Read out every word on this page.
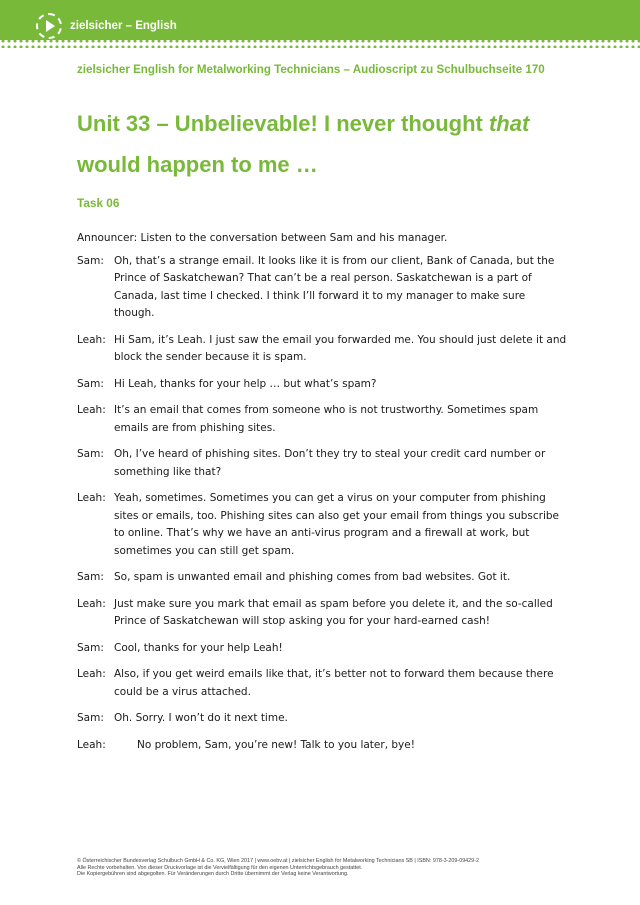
zielsicher – English
zielsicher English for Metalworking Technicians – Audioscript zu Schulbuchseite 170
Unit 33 – Unbelievable! I never thought that would happen to me …
Task 06
Announcer: Listen to the conversation between Sam and his manager.
Sam: Oh, that’s a strange email. It looks like it is from our client, Bank of Canada, but the Prince of Saskatchewan? That can’t be a real person. Saskatchewan is a part of Canada, last time I checked. I think I’ll forward it to my manager to make sure though.
Leah: Hi Sam, it’s Leah. I just saw the email you forwarded me. You should just delete it and block the sender because it is spam.
Sam: Hi Leah, thanks for your help … but what’s spam?
Leah: It’s an email that comes from someone who is not trustworthy. Sometimes spam emails are from phishing sites.
Sam: Oh, I’ve heard of phishing sites. Don’t they try to steal your credit card number or something like that?
Leah: Yeah, sometimes. Sometimes you can get a virus on your computer from phishing sites or emails, too. Phishing sites can also get your email from things you subscribe to online. That’s why we have an anti-virus program and a firewall at work, but sometimes you can still get spam.
Sam: So, spam is unwanted email and phishing comes from bad websites. Got it.
Leah: Just make sure you mark that email as spam before you delete it, and the so-called Prince of Saskatchewan will stop asking you for your hard-earned cash!
Sam: Cool, thanks for your help Leah!
Leah: Also, if you get weird emails like that, it’s better not to forward them because there could be a virus attached.
Sam: Oh. Sorry. I won’t do it next time.
Leah:	No problem, Sam, you’re new! Talk to you later, bye!
© Österreichischer Bundesverlag Schulbuch GmbH & Co. KG, Wien 2017 | www.oebv.at | zielsicher English for Metalworking Technicians SB | ISBN: 978-3-209-09429-2
Alle Rechte vorbehalten. Von dieser Druckvorlage ist die Vervielfältigung für den eigenen Unterrichtsgebrauch gestattet.
Die Kopiergebühren sind abgegolten. Für Veränderungen durch Dritte übernimmt der Verlag keine Verantwortung.
